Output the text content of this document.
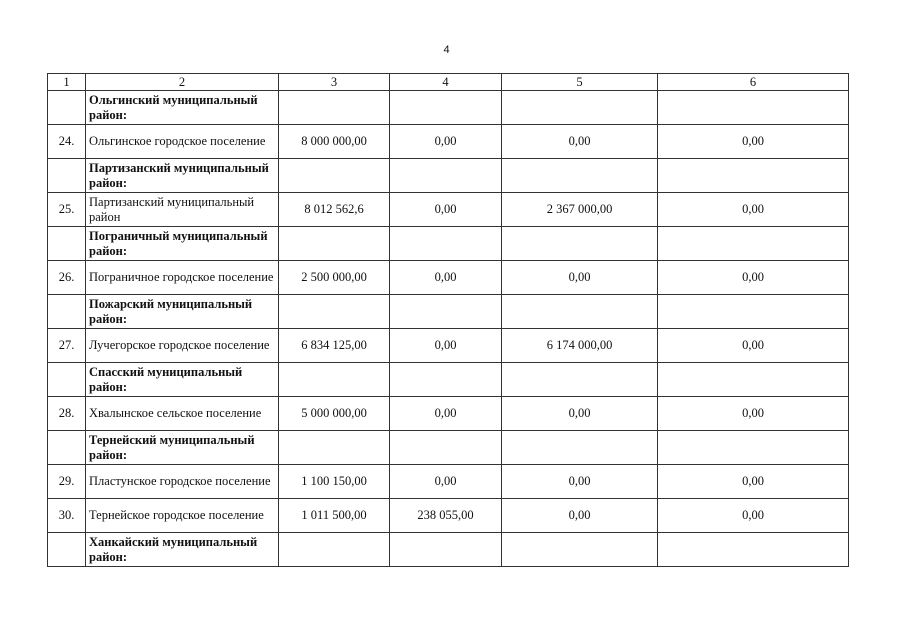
4
1	2	3	4	5	6
	Ольгинский муниципальный район:				
24.	Ольгинское городское поселение	8 000 000,00	0,00	0,00	0,00
	Партизанский муниципальный район:				
25.	Партизанский муниципальный район	8 012 562,6	0,00	2 367 000,00	0,00
	Пограничный муниципальный район:				
26.	Пограничное городское поселение	2 500 000,00	0,00	0,00	0,00
	Пожарский муниципальный район:				
27.	Лучегорское городское поселение	6 834 125,00	0,00	6 174 000,00	0,00
	Спасский муниципальный район:				
28.	Хвалынское сельское поселение	5 000 000,00	0,00	0,00	0,00
	Тернейский муниципальный район:				
29.	Пластунское городское поселение	1 100 150,00	0,00	0,00	0,00
30.	Тернейское городское поселение	1 011 500,00	238 055,00	0,00	0,00
	Ханкайский муниципальный район:				
